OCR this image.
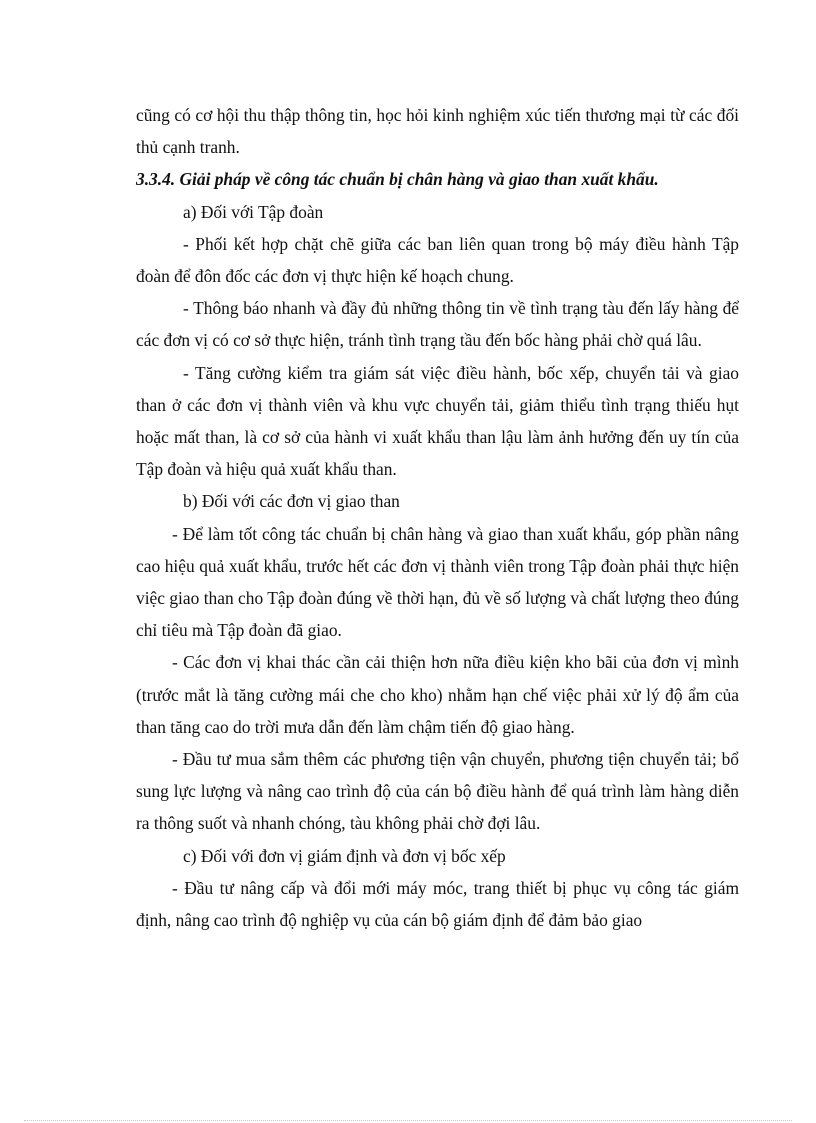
cũng có cơ hội thu thập thông tin, học hỏi kinh nghiệm xúc tiến thương mại từ các đối thủ cạnh tranh.

3.3.4. Giải pháp về công tác chuẩn bị chân hàng và giao than xuất khẩu.

a) Đối với Tập đoàn

- Phối kết hợp chặt chẽ giữa các ban liên quan trong bộ máy điều hành Tập đoàn để đôn đốc các đơn vị thực hiện kế hoạch chung.

- Thông báo nhanh và đầy đủ những thông tin về tình trạng tàu đến lấy hàng để các đơn vị có cơ sở thực hiện, tránh tình trạng tầu đến bốc hàng phải chờ quá lâu.

- Tăng cường kiểm tra giám sát việc điều hành, bốc xếp, chuyển tải và giao than ở các đơn vị thành viên và khu vực chuyển tải, giảm thiểu tình trạng thiếu hụt hoặc mất than, là cơ sở của hành vi xuất khẩu than lậu làm ảnh hưởng đến uy tín của Tập đoàn và hiệu quả xuất khẩu than.

b) Đối với các đơn vị giao than

- Để làm tốt công tác chuẩn bị chân hàng và giao than xuất khẩu, góp phần nâng cao hiệu quả xuất khẩu, trước hết các đơn vị thành viên trong Tập đoàn phải thực hiện việc giao than cho Tập đoàn đúng về thời hạn, đủ về số lượng và chất lượng theo đúng chỉ tiêu mà Tập đoàn đã giao.

- Các đơn vị khai thác cần cải thiện hơn nữa điều kiện kho bãi của đơn vị mình (trước mắt là tăng cường mái che cho kho) nhằm hạn chế việc phải xử lý độ ẩm của than tăng cao do trời mưa dẫn đến làm chậm tiến độ giao hàng.

- Đầu tư mua sắm thêm các phương tiện vận chuyển, phương tiện chuyển tải; bổ sung lực lượng và nâng cao trình độ của cán bộ điều hành để quá trình làm hàng diễn ra thông suốt và nhanh chóng, tàu không phải chờ đợi lâu.

c) Đối với đơn vị giám định và đơn vị bốc xếp

- Đầu tư nâng cấp và đổi mới máy móc, trang thiết bị phục vụ công tác giám định, nâng cao trình độ nghiệp vụ của cán bộ giám định để đảm bảo giao
